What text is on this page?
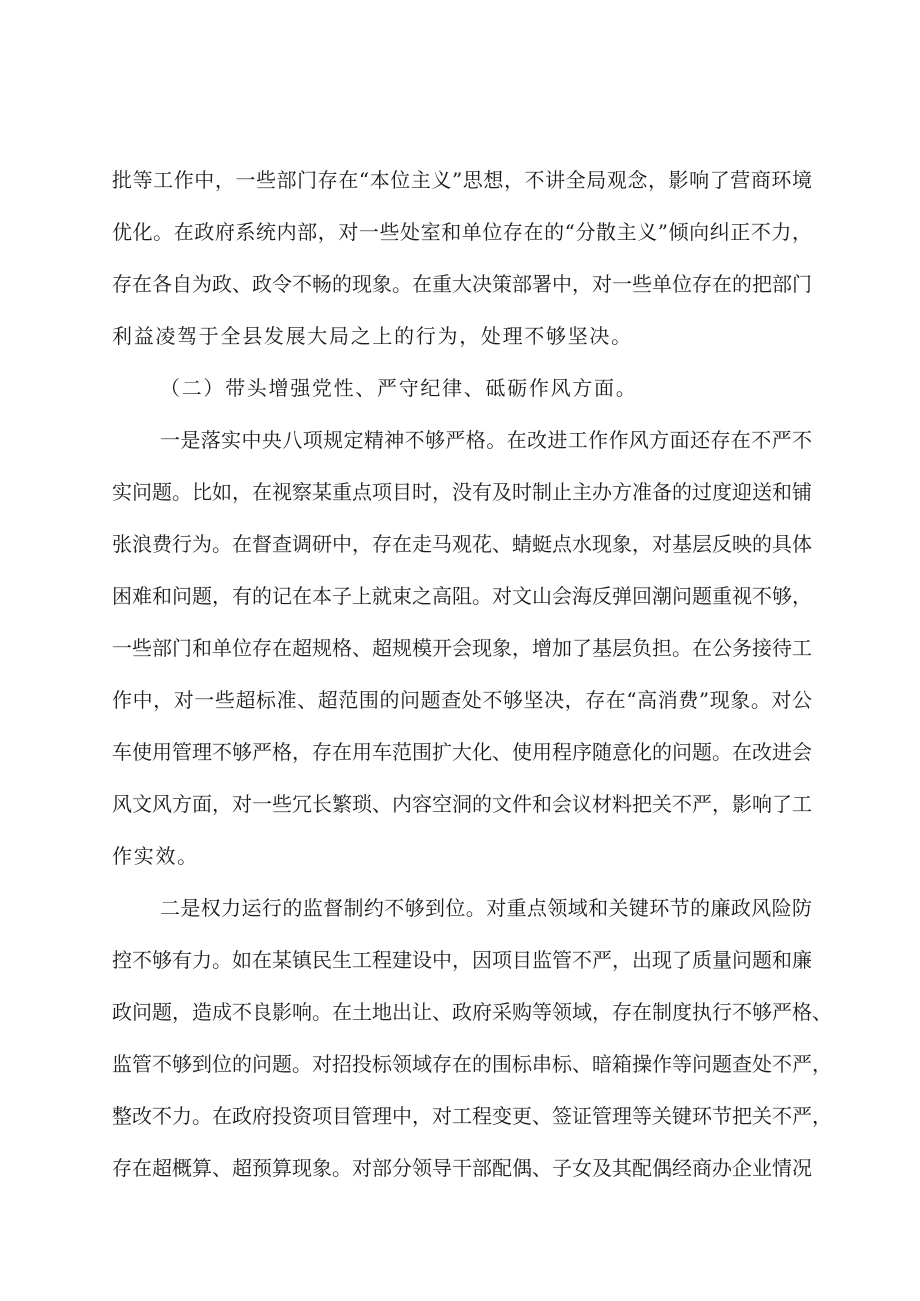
批等工作中，一些部门存在“本位主义”思想，不讲全局观念，影响了营商环境
优化。在政府系统内部，对一些处室和单位存在的“分散主义”倾向纠正不力，
存在各自为政、政令不畅的现象。在重大决策部署中，对一些单位存在的把部门
利益凌驾于全县发展大局之上的行为，处理不够坚决。
（二）带头增强党性、严守纪律、砥砺作风方面。
一是落实中央八项规定精神不够严格。在改进工作作风方面还存在不严不
实问题。比如，在视察某重点项目时，没有及时制止主办方准备的过度迎送和铺
张浪费行为。在督查调研中，存在走马观花、蜻蜓点水现象，对基层反映的具体
困难和问题，有的记在本子上就束之高阻。对文山会海反弹回潮问题重视不够，
一些部门和单位存在超规格、超规模开会现象，增加了基层负担。在公务接待工
作中，对一些超标准、超范围的问题查处不够坚决，存在“高消费”现象。对公
车使用管理不够严格，存在用车范围扩大化、使用程序随意化的问题。在改进会
风文风方面，对一些冗长繁琐、内容空洞的文件和会议材料把关不严，影响了工
作实效。
二是权力运行的监督制约不够到位。对重点领域和关键环节的廉政风险防
控不够有力。如在某镇民生工程建设中，因项目监管不严，出现了质量问题和廉
政问题，造成不良影响。在土地出让、政府采购等领域，存在制度执行不够严格、
监管不够到位的问题。对招投标领域存在的围标串标、暗箱操作等问题查处不严，
整改不力。在政府投资项目管理中，对工程变更、签证管理等关键环节把关不严，
存在超概算、超预算现象。对部分领导干部配偶、子女及其配偶经商办企业情况
